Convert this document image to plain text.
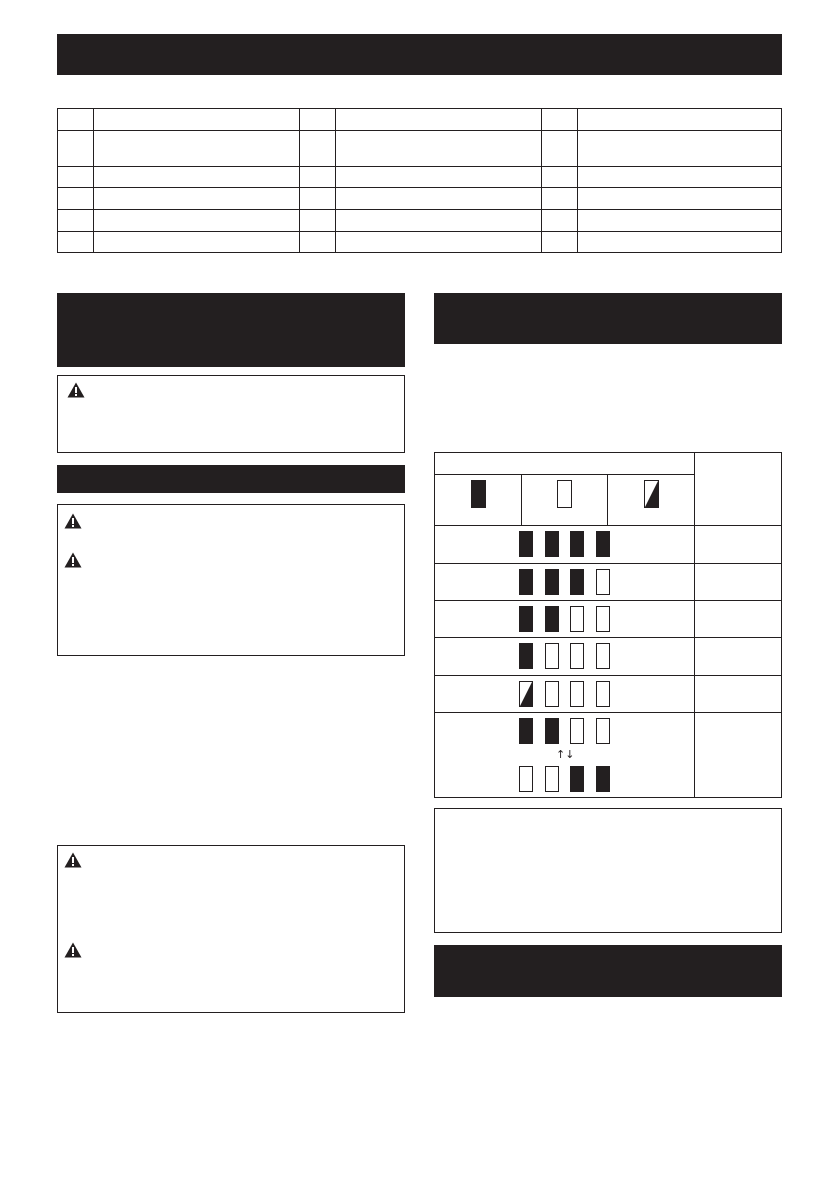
↑↓
